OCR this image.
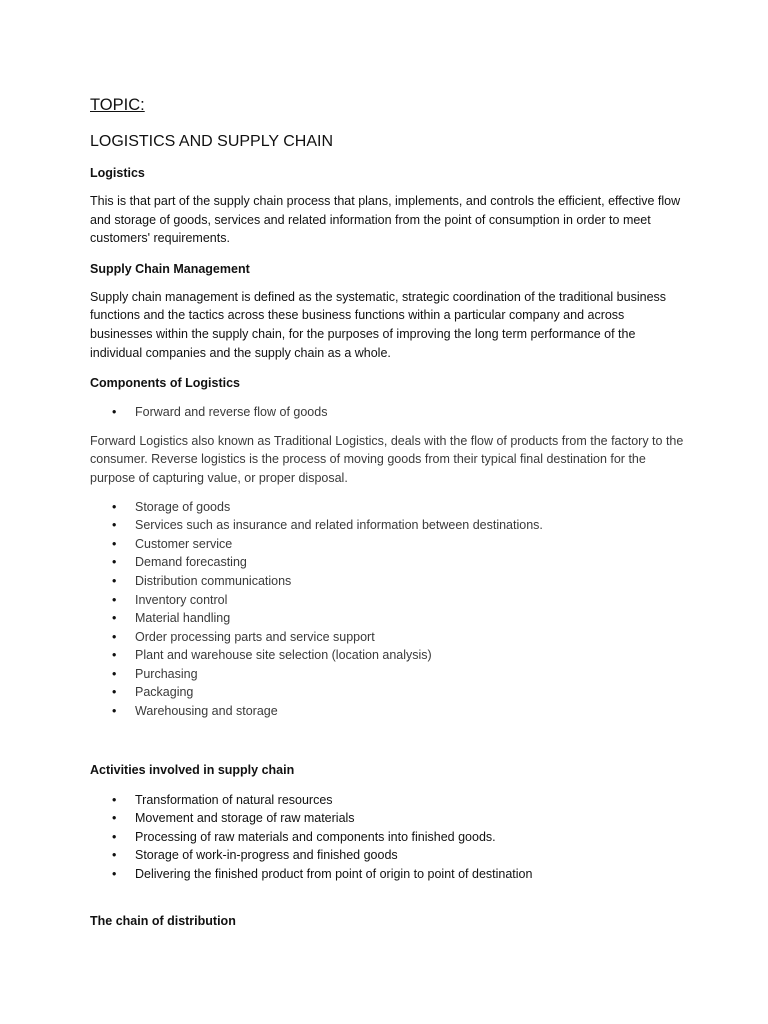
TOPIC:
LOGISTICS AND SUPPLY CHAIN
Logistics

This is that part of the supply chain process that plans, implements, and controls the efficient, effective flow and storage of goods, services and related information from the point of consumption in order to meet customers' requirements.

Supply Chain Management

Supply chain management is defined as the systematic, strategic coordination of the traditional business functions and the tactics across these business functions within a particular company and across businesses within the supply chain, for the purposes of improving the long term performance of the individual companies and the supply chain as a whole.

Components of Logistics
• Forward and reverse flow of goods

Forward Logistics also known as Traditional Logistics, deals with the flow of products from the factory to the consumer. Reverse logistics is the process of moving goods from their typical final destination for the purpose of capturing value, or proper disposal.

• Storage of goods
• Services such as insurance and related information between destinations.
• Customer service
• Demand forecasting
• Distribution communications
• Inventory control
• Material handling
• Order processing parts and service support
• Plant and warehouse site selection (location analysis)
• Purchasing
• Packaging
• Warehousing and storage
Activities involved in supply chain
• Transformation of natural resources
• Movement and storage of raw materials
• Processing of raw materials and components into finished goods.
• Storage of work-in-progress and finished goods
• Delivering the finished product from point of origin to point of destination
The chain of distribution
